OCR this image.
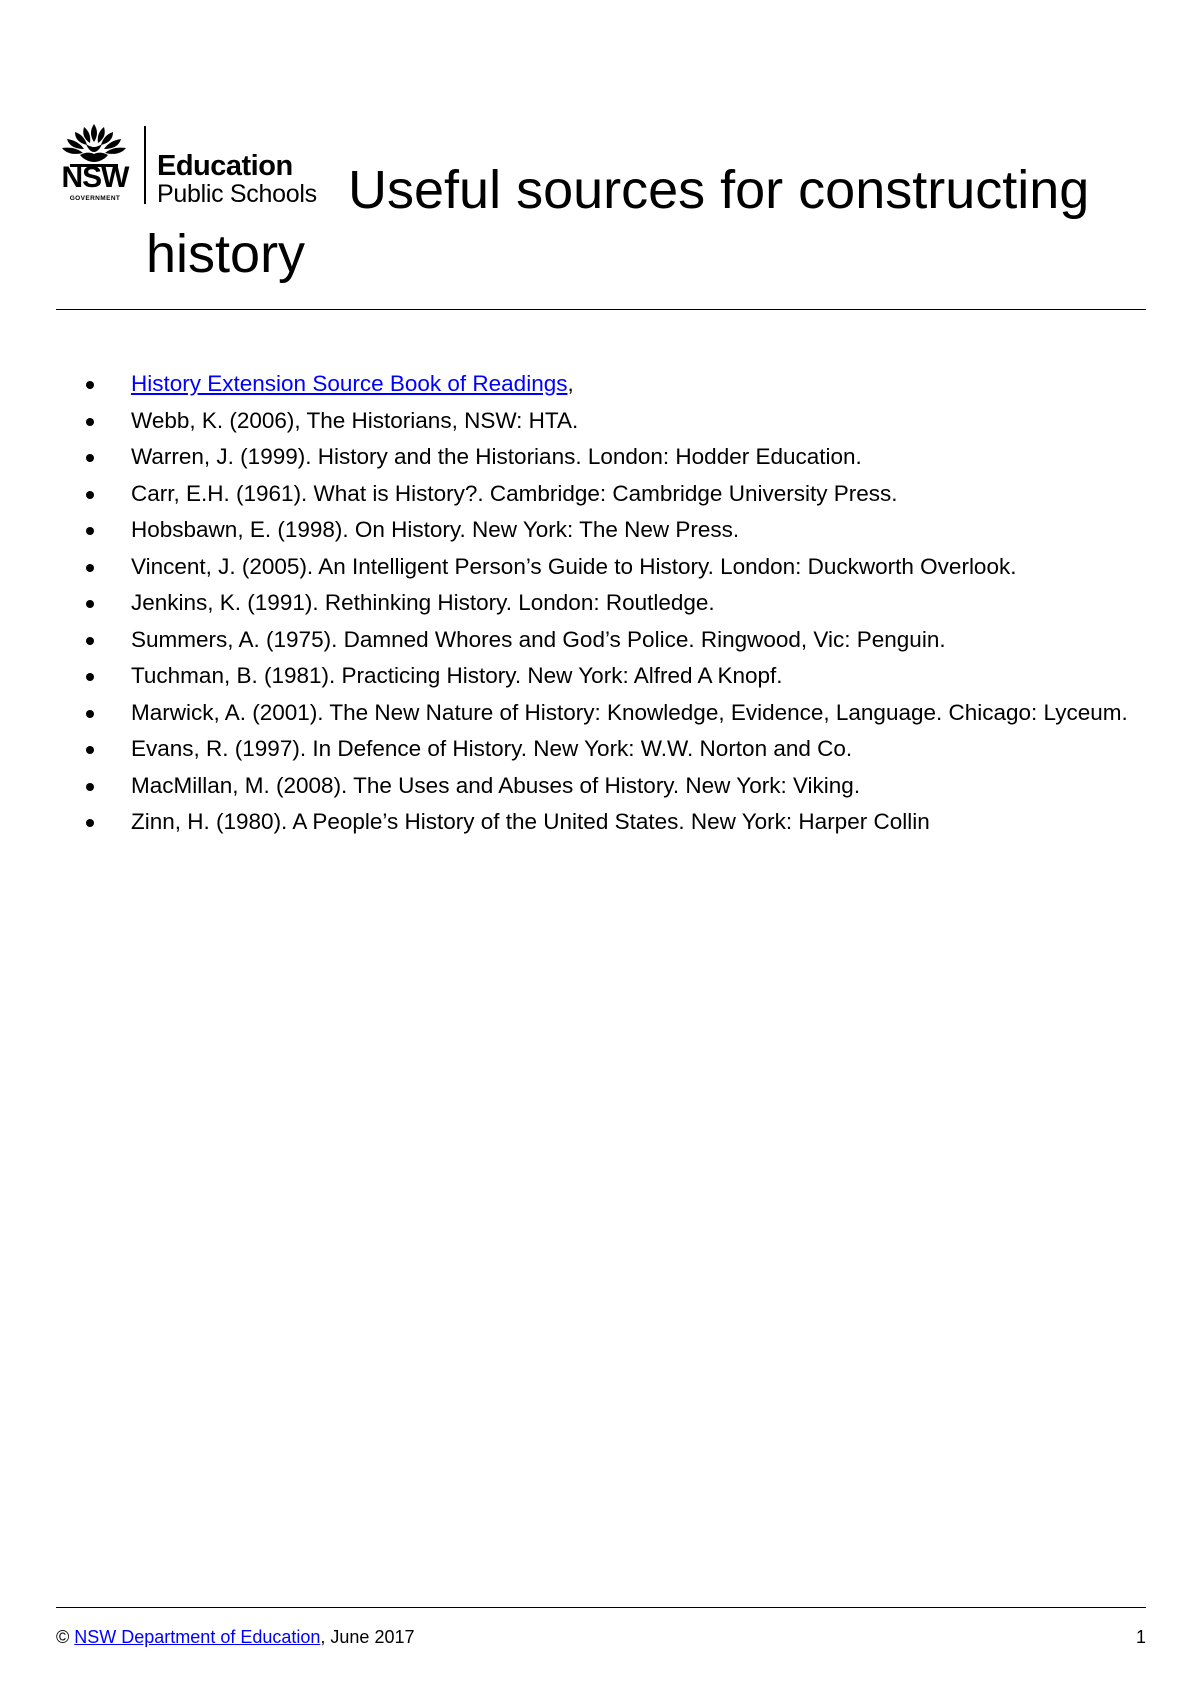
NSW
GOVERNMENT
Education
Public Schools Useful sources for constructing history
History Extension Source Book of Readings,
Webb, K. (2006), The Historians, NSW: HTA.
Warren, J. (1999). History and the Historians. London: Hodder Education.
Carr, E.H. (1961). What is History?. Cambridge: Cambridge University Press.
Hobsbawn, E. (1998). On History. New York: The New Press.
Vincent, J. (2005). An Intelligent Person’s Guide to History. London: Duckworth Overlook.
Jenkins, K. (1991). Rethinking History. London: Routledge.
Summers, A. (1975). Damned Whores and God’s Police. Ringwood, Vic: Penguin.
Tuchman, B. (1981). Practicing History. New York: Alfred A Knopf.
Marwick, A. (2001). The New Nature of History: Knowledge, Evidence, Language. Chicago: Lyceum.
Evans, R. (1997). In Defence of History. New York: W.W. Norton and Co.
MacMillan, M. (2008). The Uses and Abuses of History. New York: Viking.
Zinn, H. (1980). A People’s History of the United States. New York: Harper Collin
© NSW Department of Education, June 2017	1
